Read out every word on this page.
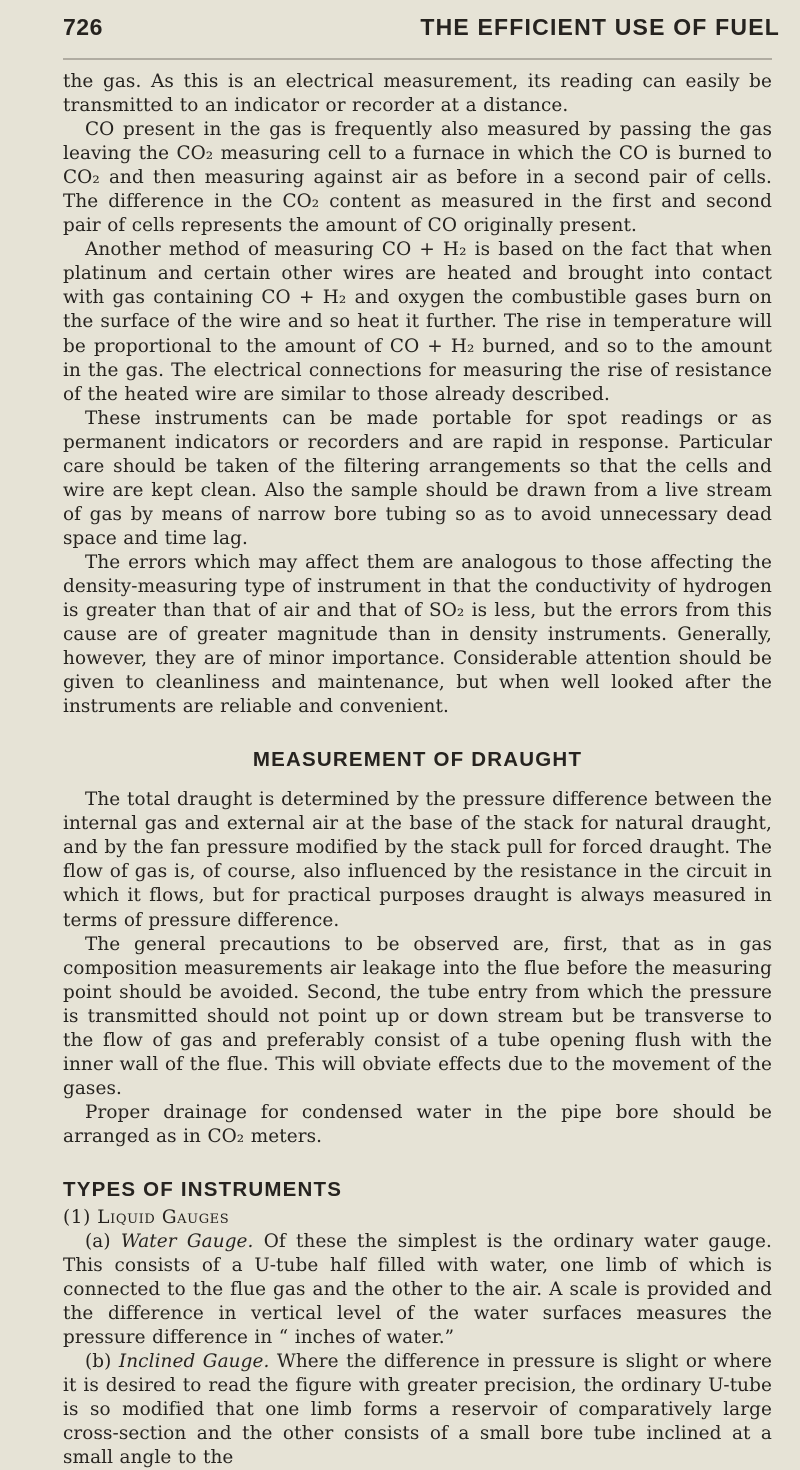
726	THE EFFICIENT USE OF FUEL

the gas. As this is an electrical measurement, its reading can easily be transmitted to an indicator or recorder at a distance.

CO present in the gas is frequently also measured by passing the gas leaving the CO₂ measuring cell to a furnace in which the CO is burned to CO₂ and then measuring against air as before in a second pair of cells. The difference in the CO₂ content as measured in the first and second pair of cells represents the amount of CO originally present.

Another method of measuring CO + H₂ is based on the fact that when platinum and certain other wires are heated and brought into contact with gas containing CO + H₂ and oxygen the combustible gases burn on the surface of the wire and so heat it further. The rise in temperature will be proportional to the amount of CO + H₂ burned, and so to the amount in the gas. The electrical connections for measuring the rise of resistance of the heated wire are similar to those already described.

These instruments can be made portable for spot readings or as permanent indicators or recorders and are rapid in response. Particular care should be taken of the filtering arrangements so that the cells and wire are kept clean. Also the sample should be drawn from a live stream of gas by means of narrow bore tubing so as to avoid unnecessary dead space and time lag.

The errors which may affect them are analogous to those affecting the density-measuring type of instrument in that the conductivity of hydrogen is greater than that of air and that of SO₂ is less, but the errors from this cause are of greater magnitude than in density instruments. Generally, however, they are of minor importance. Considerable attention should be given to cleanliness and maintenance, but when well looked after the instruments are reliable and convenient.

MEASUREMENT OF DRAUGHT

The total draught is determined by the pressure difference between the internal gas and external air at the base of the stack for natural draught, and by the fan pressure modified by the stack pull for forced draught. The flow of gas is, of course, also influenced by the resistance in the circuit in which it flows, but for practical purposes draught is always measured in terms of pressure difference.

The general precautions to be observed are, first, that as in gas composition measurements air leakage into the flue before the measuring point should be avoided. Second, the tube entry from which the pressure is transmitted should not point up or down stream but be transverse to the flow of gas and preferably consist of a tube opening flush with the inner wall of the flue. This will obviate effects due to the movement of the gases.

Proper drainage for condensed water in the pipe bore should be arranged as in CO₂ meters.

TYPES OF INSTRUMENTS
(1) Liquid Gauges

(a) Water Gauge. Of these the simplest is the ordinary water gauge. This consists of a U-tube half filled with water, one limb of which is connected to the flue gas and the other to the air. A scale is provided and the difference in vertical level of the water surfaces measures the pressure difference in “ inches of water.”

(b) Inclined Gauge. Where the difference in pressure is slight or where it is desired to read the figure with greater precision, the ordinary U-tube is so modified that one limb forms a reservoir of comparatively large cross-section and the other consists of a small bore tube inclined at a small angle to the
